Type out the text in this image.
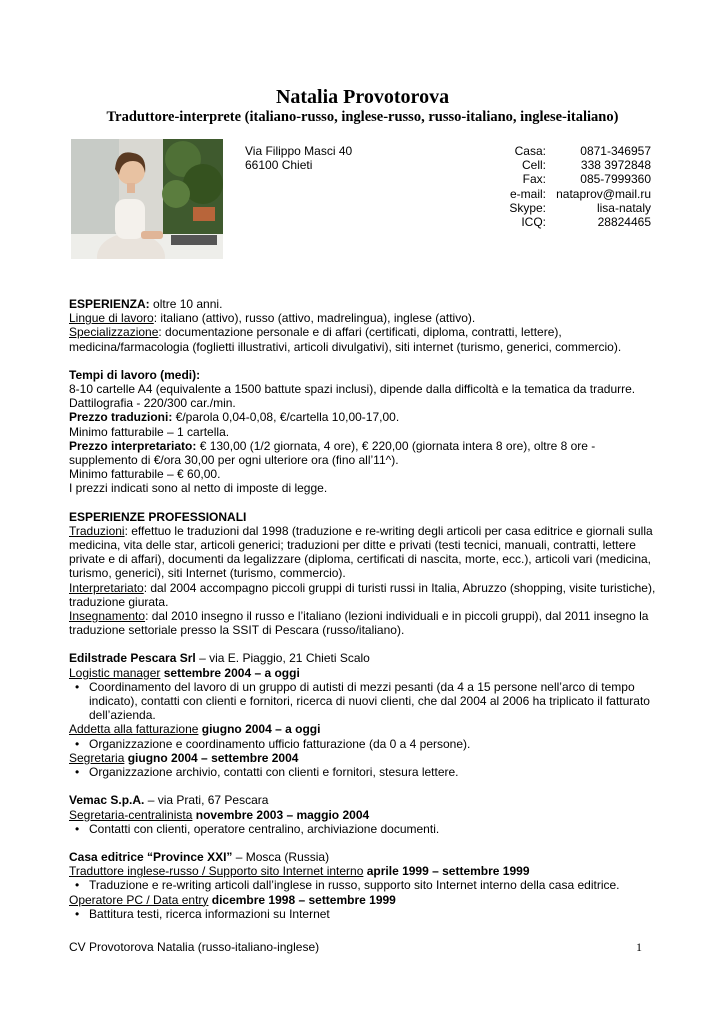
Natalia Provotorova
Traduttore-interprete (italiano-russo, inglese-russo, russo-italiano, inglese-italiano)
Via Filippo Masci 40
66100 Chieti
Casa:	0871-346957
Cell:	338 3972848
Fax:	085-7999360
e-mail: nataprov@mail.ru
Skype:	lisa-nataly
ICQ:	28824465
ESPERIENZA: oltre 10 anni.
Lingue di lavoro: italiano (attivo), russo (attivo, madrelingua), inglese (attivo).
Specializzazione: documentazione personale e di affari (certificati, diploma, contratti, lettere), medicina/farmacologia (foglietti illustrativi, articoli divulgativi), siti internet (turismo, generici, commercio).
Tempi di lavoro (medi):
8-10 cartelle A4 (equivalente a 1500 battute spazi inclusi), dipende dalla difficoltà e la tematica da tradurre.
Dattilografia - 220/300 car./min.
Prezzo traduzioni: €/parola 0,04-0,08, €/cartella 10,00-17,00.
Minimo fatturabile – 1 cartella.
Prezzo interpretariato: € 130,00 (1/2 giornata, 4 ore), € 220,00 (giornata intera 8 ore), oltre 8 ore - supplemento di €/ora 30,00 per ogni ulteriore ora (fino all’11^).
Minimo fatturabile – € 60,00.
I prezzi indicati sono al netto di imposte di legge.
ESPERIENZE PROFESSIONALI
Traduzioni: effettuo le traduzioni dal 1998 (traduzione e re-writing degli articoli per casa editrice e giornali sulla medicina, vita delle star, articoli generici; traduzioni per ditte e privati (testi tecnici, manuali, contratti, lettere private e di affari), documenti da legalizzare (diploma, certificati di nascita, morte, ecc.), articoli vari (medicina, turismo, generici), siti Internet (turismo, commercio).
Interpretariato: dal 2004 accompagno piccoli gruppi di turisti russi in Italia, Abruzzo (shopping, visite turistiche), traduzione giurata.
Insegnamento: dal 2010 insegno il russo e l’italiano (lezioni individuali e in piccoli gruppi), dal 2011 insegno la traduzione settoriale presso la SSIT di Pescara (russo/italiano).
Edilstrade Pescara Srl – via E. Piaggio, 21 Chieti Scalo
Logistic manager settembre 2004 – a oggi
• Coordinamento del lavoro di un gruppo di autisti di mezzi pesanti (da 4 a 15 persone nell’arco di tempo indicato), contatti con clienti e fornitori, ricerca di nuovi clienti, che dal 2004 al 2006 ha triplicato il fatturato dell’azienda.
Addetta alla fatturazione giugno 2004 – a oggi
• Organizzazione e coordinamento ufficio fatturazione (da 0 a 4 persone).
Segretaria giugno 2004 – settembre 2004
• Organizzazione archivio, contatti con clienti e fornitori, stesura lettere.
Vemac S.p.A. – via Prati, 67 Pescara
Segretaria-centralinista novembre 2003 – maggio 2004
• Contatti con clienti, operatore centralino, archiviazione documenti.
Casa editrice “Province XXI” – Mosca (Russia)
Traduttore inglese-russo / Supporto sito Internet interno aprile 1999 – settembre 1999
• Traduzione e re-writing articoli dall’inglese in russo, supporto sito Internet interno della casa editrice.
Operatore PC / Data entry dicembre 1998 – settembre 1999
• Battitura testi, ricerca informazioni su Internet
CV Provotorova Natalia (russo-italiano-inglese)	1
